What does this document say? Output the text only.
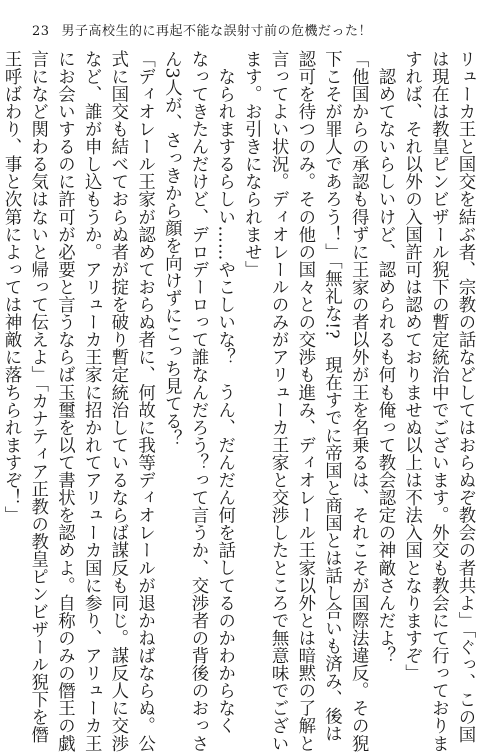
23 男子高校生的に再起不能な誤射寸前の危機だった！
リューカ王と国交を結ぶ者、宗教の話などしてはおらぬぞ教会の者共よ」「ぐっ、この国
は現在は教皇ピンビザール猊下の暫定統治中でございます。外交も教会にて行っておりま
すれば、それ以外の入国許可は認めておりませぬ以上は不法入国となりますぞ」
　認めてないらしいけど、認められるも何も俺って教会認定の神敵さんだよ？
「他国からの承認も得ずに王家の者以外が王を名乗るは、それこそが国際法違反。その猊
下こそが罪人であろう！」「無礼な!?　現在すでに帝国と商国とは話し合いも済み、後は
認可を待つのみ。その他の国々との交渉も進み、ディオレール王家以外とは暗黙の了解と
言ってよい状況。ディオレールのみがアリューカ王家と交渉したところで無意味でござい
ます。お引きになられませ」
　なられまするらしい……やこしいな？　うん、だんだん何を話してるのかわからなく
なってきたんだけど、デロデーロって誰なんだろう？って言うか、交渉者の背後のおっさ
ん3人が、さっきから顔を向けずにこっち見てる？
「ディオレール王家が認めておらぬ者に、何故に我等ディオレールが退かねばならぬ。公
式に国交も結べておらぬ者が掟を破り暫定統治しているならば謀反も同じ。謀反人に交渉
など、誰が申し込もうか。アリューカ王家に招かれてアリューカ国に参り、アリューカ王
にお会いするのに許可が必要と言うならば玉璽を以て書状を認めよ。自称のみの僭王の戯
言になど関わる気はないと帰って伝えよ」「カナティア正教の教皇ピンビザール猊下を僭
王呼ばわり、事と次第によっては神敵に落ちられますぞ！」
